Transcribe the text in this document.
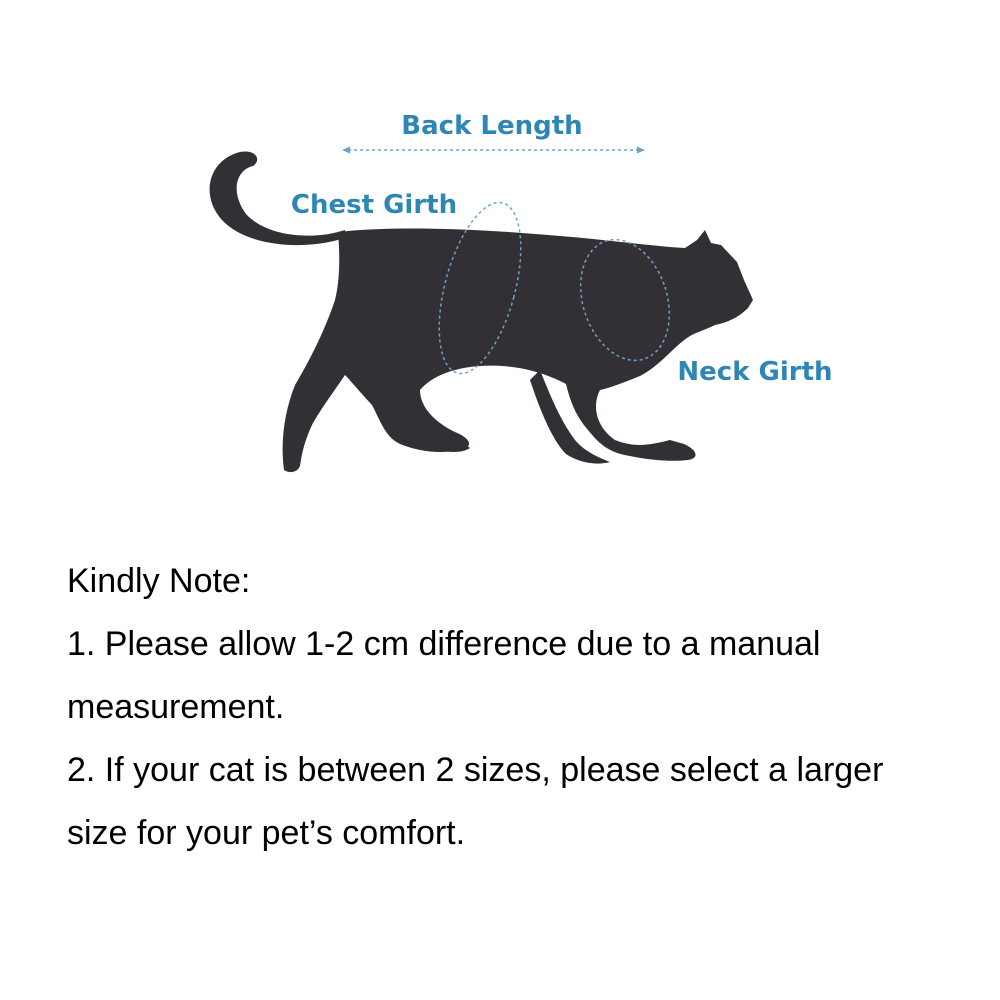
Back Length
Chest Girth
Neck Girth
Kindly Note:
1. Please allow 1-2 cm difference due to a manual
measurement.
2. If your cat is between 2 sizes, please select a larger
size for your pet’s comfort.
